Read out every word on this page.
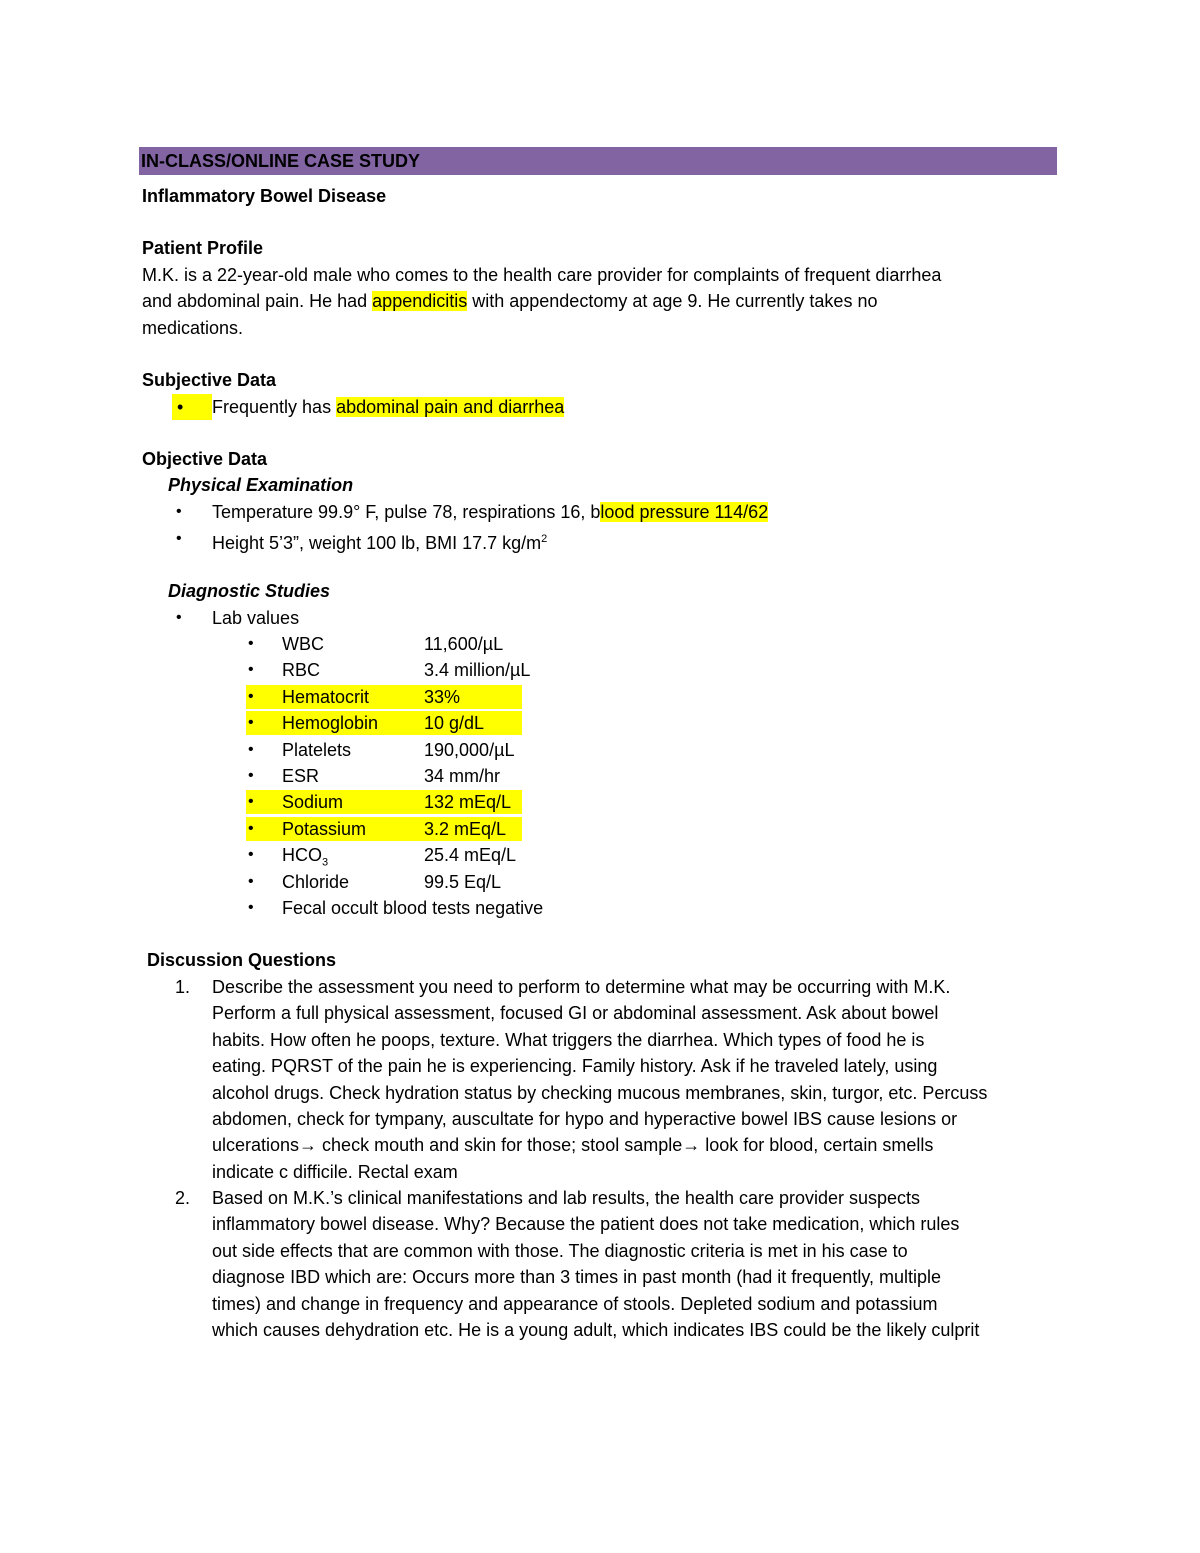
IN-CLASS/ONLINE CASE STUDY
Inflammatory Bowel Disease
Patient Profile
M.K. is a 22-year-old male who comes to the health care provider for complaints of frequent diarrhea
and abdominal pain. He had appendicitis with appendectomy at age 9. He currently takes no
medications.
Subjective Data
• Frequently has abdominal pain and diarrhea
Objective Data
Physical Examination
• Temperature 99.9° F, pulse 78, respirations 16, blood pressure 114/62
• Height 5’3”, weight 100 lb, BMI 17.7 $kg/m^2$
Diagnostic Studies
• Lab values
• WBC	11,600/µL
• RBC	3.4 million/µL
• Hematocrit	33%
• Hemoglobin	10 g/dL
• Platelets	190,000/µL
• ESR	34 mm/hr
• Sodium	132 mEq/L
• Potassium	3.2 mEq/L
• $HCO_3$	25.4 mEq/L
• Chloride	99.5 Eq/L
• Fecal occult blood tests negative
Discussion Questions
1. Describe the assessment you need to perform to determine what may be occurring with M.K.
Perform a full physical assessment, focused GI or abdominal assessment. Ask about bowel
habits. How often he poops, texture. What triggers the diarrhea. Which types of food he is
eating. PQRST of the pain he is experiencing. Family history. Ask if he traveled lately, using
alcohol drugs. Check hydration status by checking mucous membranes, skin, turgor, etc. Percuss
abdomen, check for tympany, auscultate for hypo and hyperactive bowel IBS cause lesions or
ulcerations→ check mouth and skin for those; stool sample→ look for blood, certain smells
indicate c difficile. Rectal exam
2. Based on M.K.’s clinical manifestations and lab results, the health care provider suspects
inflammatory bowel disease. Why? Because the patient does not take medication, which rules
out side effects that are common with those. The diagnostic criteria is met in his case to
diagnose IBD which are: Occurs more than 3 times in past month (had it frequently, multiple
times) and change in frequency and appearance of stools. Depleted sodium and potassium
which causes dehydration etc. He is a young adult, which indicates IBS could be the likely culprit
